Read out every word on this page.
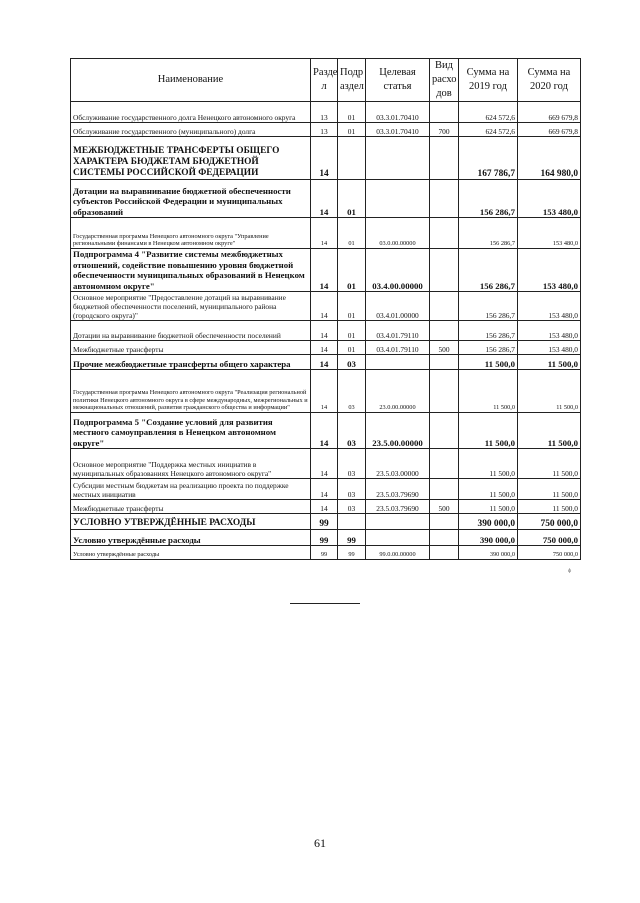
Наименование	Разде л	Подр аздел	Целевая статья	Вид расхо дов	Сумма на 2019 год	Сумма на 2020 год
Обслуживание государственного долга Ненецкого автономного округа	13	01	03.3.01.70410		624 572,6	669 679,8
Обслуживание государственного (муниципального) долга	13	01	03.3.01.70410	700	624 572,6	669 679,8
МЕЖБЮДЖЕТНЫЕ ТРАНСФЕРТЫ ОБЩЕГО ХАРАКТЕРА БЮДЖЕТАМ БЮДЖЕТНОЙ СИСТЕМЫ РОССИЙСКОЙ ФЕДЕРАЦИИ	14				167 786,7	164 980,0
Дотации на выравнивание бюджетной обеспеченности субъектов Российской Федерации и муниципальных образований	14	01			156 286,7	153 480,0
Государственная программа Ненецкого автономного округа "Управление региональными финансами в Ненецком автономном округе"	14	01	03.0.00.00000		156 286,7	153 480,0
Подпрограмма 4 "Развитие системы межбюджетных отношений, содействие повышению уровня бюджетной обеспеченности муниципальных образований в Ненецком автономном округе"	14	01	03.4.00.00000		156 286,7	153 480,0
Основное мероприятие "Предоставление дотаций на выравнивание бюджетной обеспеченности поселений, муниципального района (городского округа)"	14	01	03.4.01.00000		156 286,7	153 480,0
Дотации на выравнивание бюджетной обеспеченности поселений	14	01	03.4.01.79110		156 286,7	153 480,0
Межбюджетные трансферты	14	01	03.4.01.79110	500	156 286,7	153 480,0
Прочие межбюджетные трансферты общего характера	14	03			11 500,0	11 500,0
Государственная программа Ненецкого автономного округа "Реализация региональной политики Ненецкого автономного округа в сфере международных, межрегиональных и межнациональных отношений, развития гражданского общества и информации"	14	03	23.0.00.00000		11 500,0	11 500,0
Подпрограмма 5 "Создание условий для развития местного самоуправления в Ненецком автономном округе"	14	03	23.5.00.00000		11 500,0	11 500,0
Основное мероприятие "Поддержка местных инициатив в муниципальных образованиях Ненецкого автономного округа"	14	03	23.5.03.00000		11 500,0	11 500,0
Субсидии местным бюджетам на реализацию проекта по поддержке местных инициатив	14	03	23.5.03.79690		11 500,0	11 500,0
Межбюджетные трансферты	14	03	23.5.03.79690	500	11 500,0	11 500,0
УСЛОВНО УТВЕРЖДЁННЫЕ РАСХОДЫ	99				390 000,0	750 000,0
Условно утверждённые расходы	99	99			390 000,0	750 000,0
Условно утверждённые расходы	99	99	99.0.00.00000		390 000,0	750 000,0
ф
61
